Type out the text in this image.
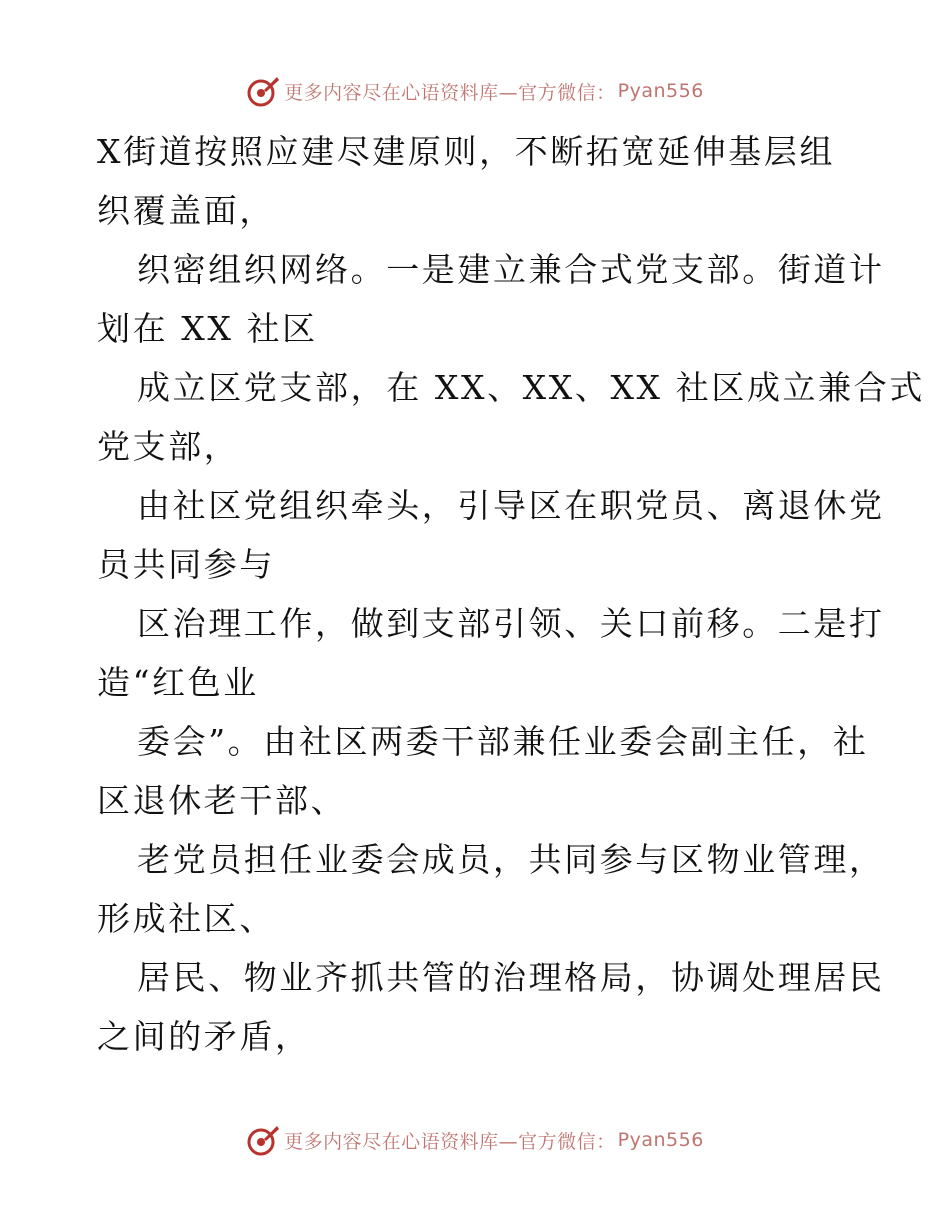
更多内容尽在心语资料库—官方微信： Pyan556
X街道按照应建尽建原则，不断拓宽延伸基层组
织覆盖面，
织密组织网络。一是建立兼合式党支部。街道计
划在 XX 社区
成立区党支部，在 XX、XX、XX 社区成立兼合式
党支部，
由社区党组织牵头，引导区在职党员、离退休党
员共同参与
区治理工作，做到支部引领、关口前移。二是打
造“红色业
委会”。由社区两委干部兼任业委会副主任，社
区退休老干部、
老党员担任业委会成员，共同参与区物业管理，
形成社区、
居民、物业齐抓共管的治理格局，协调处理居民
之间的矛盾，
更多内容尽在心语资料库—官方微信： Pyan556
